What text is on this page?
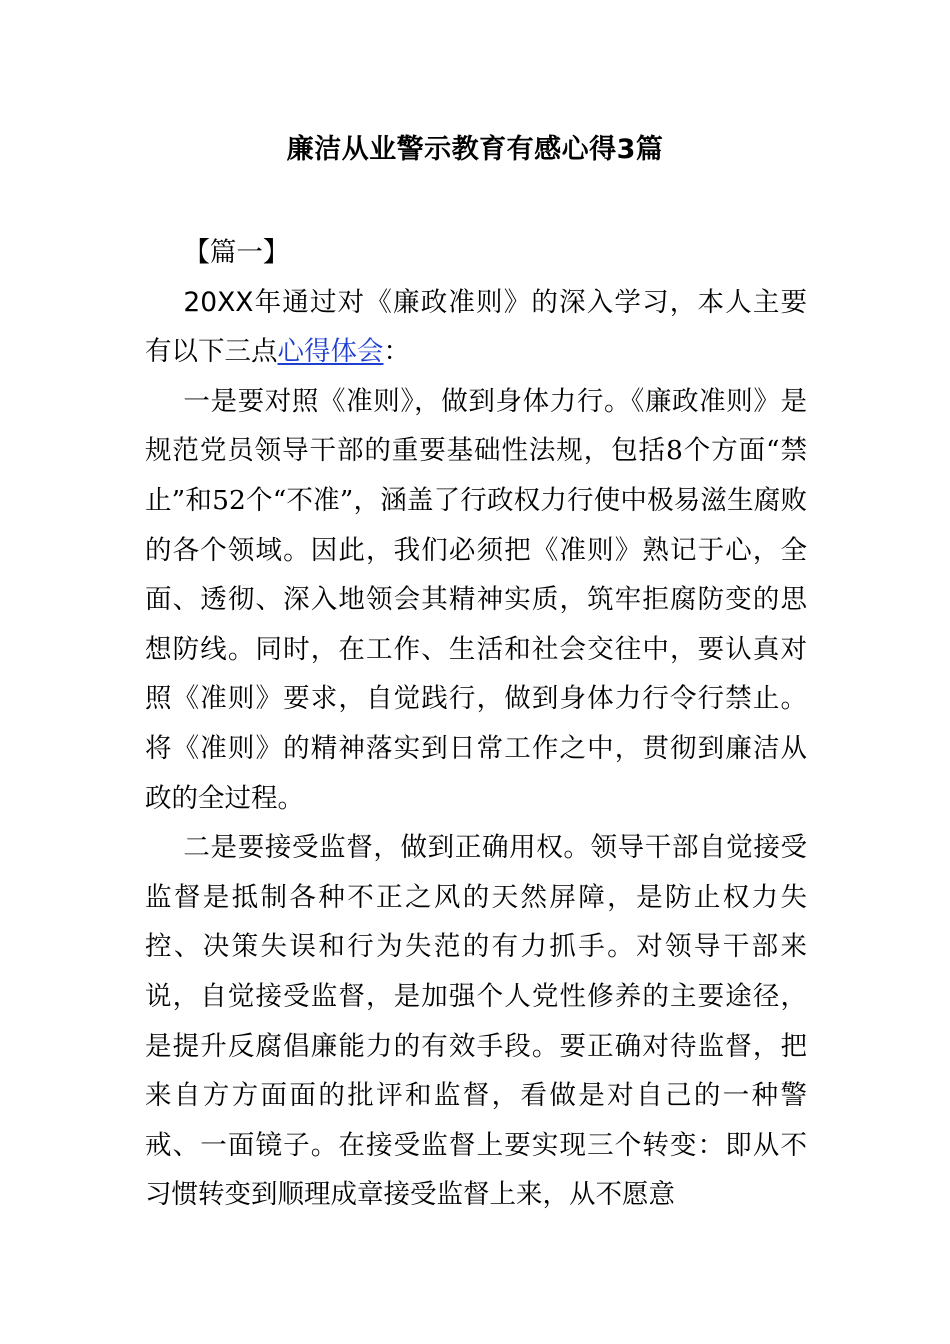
廉洁从业警示教育有感心得3篇
【篇一】

20XX年通过对《廉政准则》的深入学习，本人主要有以下三点心得体会：

一是要对照《准则》，做到身体力行。《廉政准则》是规范党员领导干部的重要基础性法规，包括8个方面“禁止”和52个“不准”，涵盖了行政权力行使中极易滋生腐败的各个领域。因此，我们必须把《准则》熟记于心，全面、透彻、深入地领会其精神实质，筑牢拒腐防变的思想防线。同时，在工作、生活和社会交往中，要认真对照《准则》要求，自觉践行，做到身体力行令行禁止。将《准则》的精神落实到日常工作之中，贯彻到廉洁从政的全过程。

二是要接受监督，做到正确用权。领导干部自觉接受监督是抵制各种不正之风的天然屏障，是防止权力失控、决策失误和行为失范的有力抓手。对领导干部来说，自觉接受监督，是加强个人党性修养的主要途径，是提升反腐倡廉能力的有效手段。要正确对待监督，把来自方方面面的批评和监督，看做是对自己的一种警戒、一面镜子。在接受监督上要实现三个转变：即从不习惯转变到顺理成章接受监督上来，从不愿意
